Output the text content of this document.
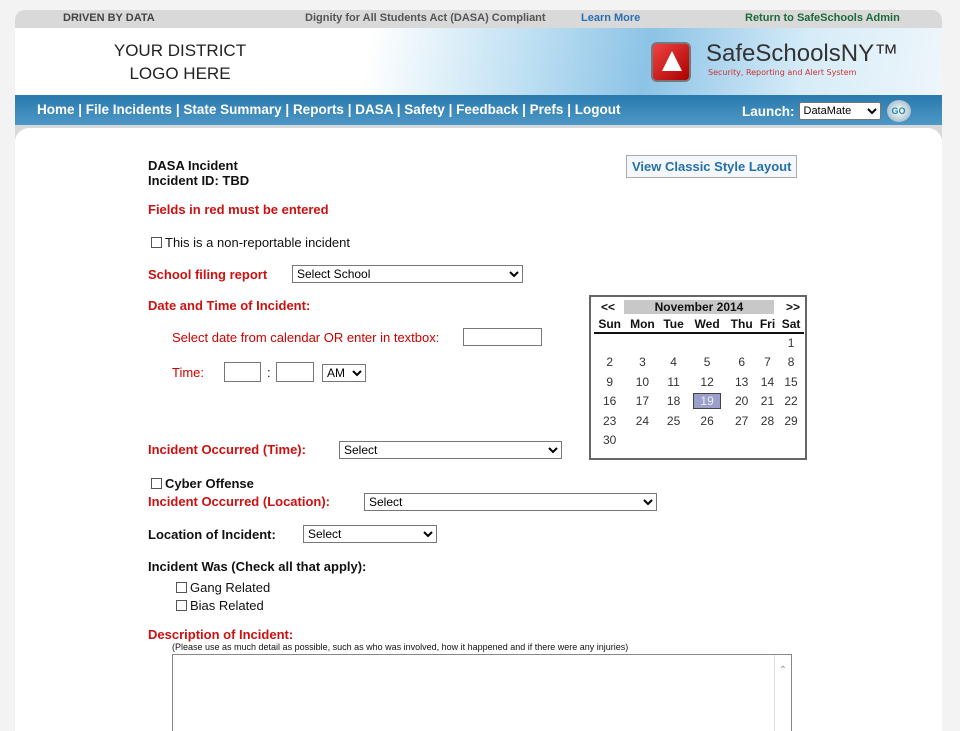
DRIVEN BY DATA	Dignity for All Students Act (DASA) Compliant	Learn More	Return to SafeSchools Admin
YOUR DISTRICT
LOGO HERE
SafeSchoolsNY™
Security, Reporting and Alert System
Home | File Incidents | State Summary | Reports | DASA | Safety | Feedback | Prefs | Logout	Launch:
DataMate	GO
DASA Incident
Incident ID: TBD
View Classic Style Layout
Fields in red must be entered
This is a non-reportable incident
School filing report
Select School
Date and Time of Incident:
Select date from calendar OR enter in textbox:
Time:	:
AM
<<	November 2014	>>
Sun	Mon	Tue	Wed	Thu	Fri	Sat
						1
2	3	4	5	6	7	8
9	10	11	12	13	14	15
16	17	18	19	20	21	22
23	24	25	26	27	28	29
30						
Incident Occurred (Time):
Select
Cyber Offense
Incident Occurred (Location):
Select
Location of Incident:
Select
Incident Was (Check all that apply):
Gang Related
Bias Related
Description of Incident:
(Please use as much detail as possible, such as who was involved, how it happened and if there were any injuries)
⌃
